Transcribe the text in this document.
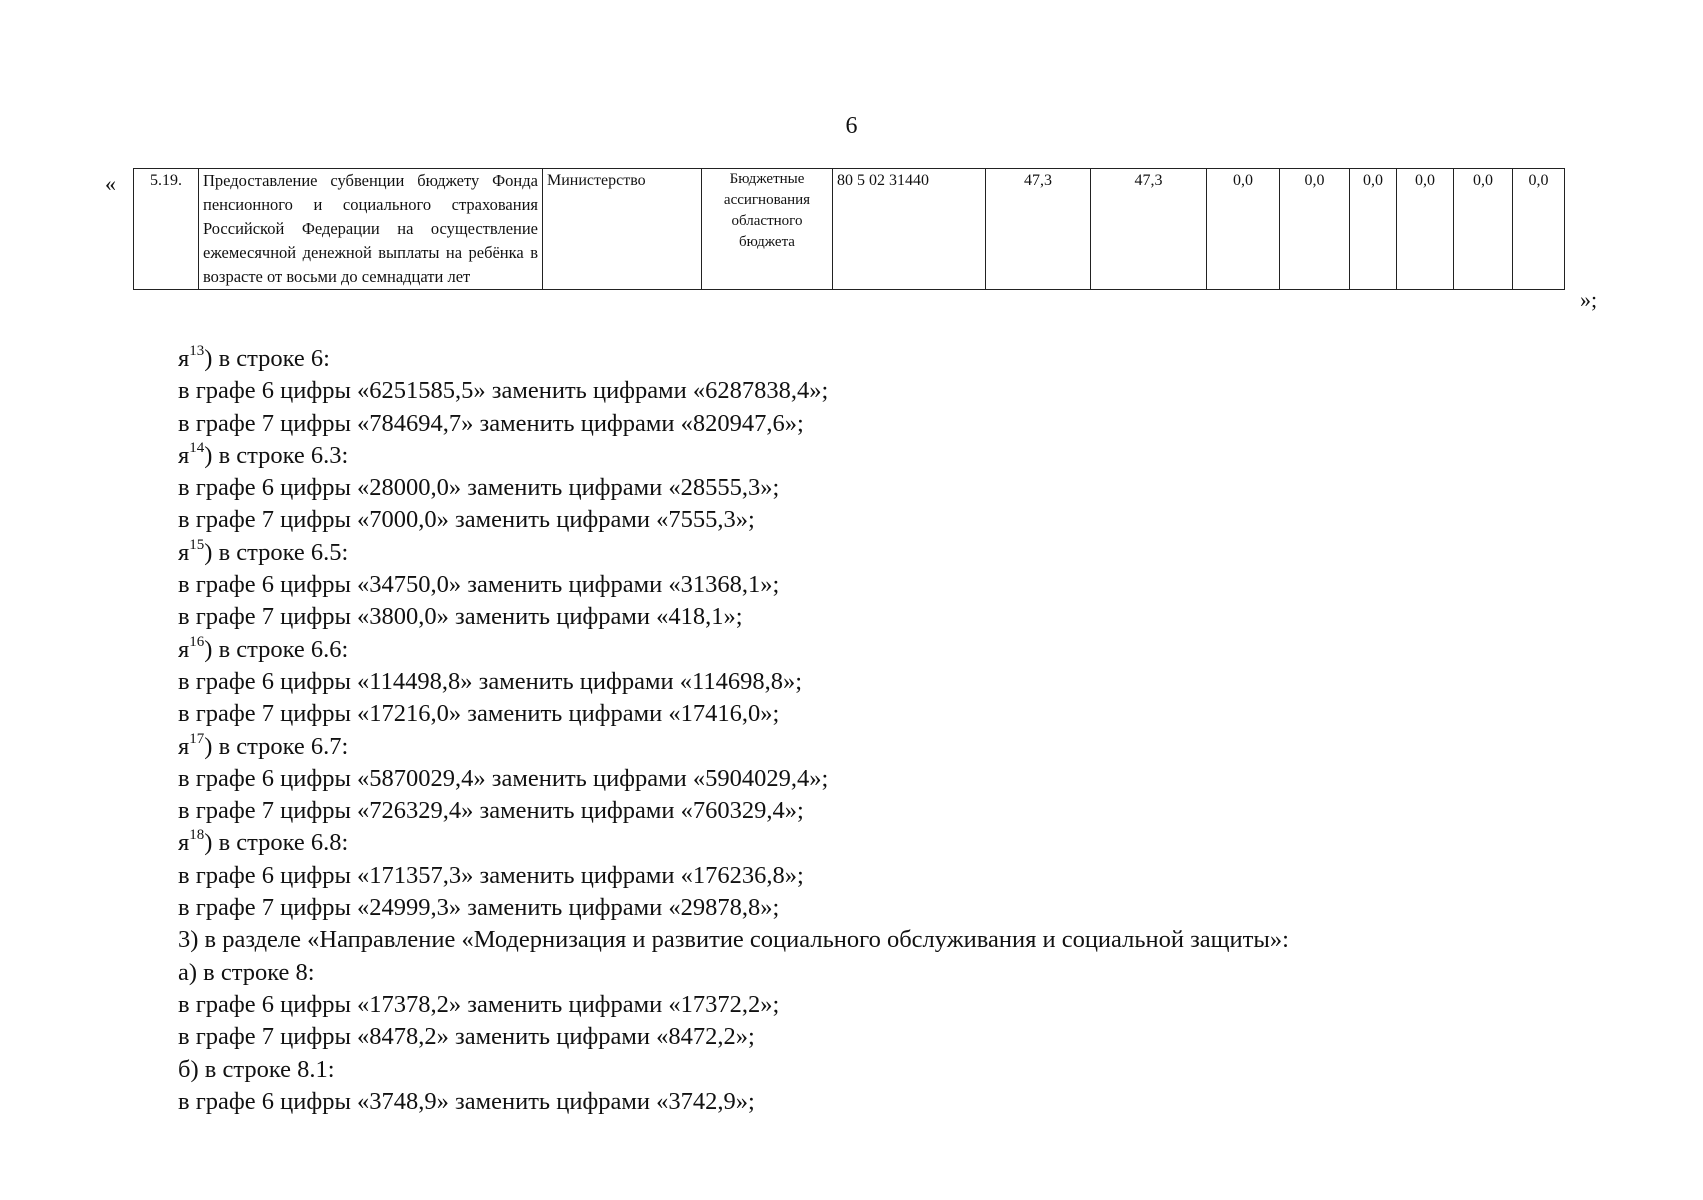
6
« 5.19.	Предоставление субвенции бюджету Фонда пенсионного и социального страхования Российской Федерации на осуществление ежемесячной денежной выплаты на ребёнка в возрасте от восьми до семнадцати лет	Министерство	Бюджетные ассигнования областного бюджета	80 5 02 31440	47,3	47,3	0,0	0,0	0,0	0,0	0,0	0,0
»;
$я^{13}$) в строке 6:
в графе 6 цифры «6251585,5» заменить цифрами «6287838,4»;
в графе 7 цифры «784694,7» заменить цифрами «820947,6»;
$я^{14}$) в строке 6.3:
в графе 6 цифры «28000,0» заменить цифрами «28555,3»;
в графе 7 цифры «7000,0» заменить цифрами «7555,3»;
$я^{15}$) в строке 6.5:
в графе 6 цифры «34750,0» заменить цифрами «31368,1»;
в графе 7 цифры «3800,0» заменить цифрами «418,1»;
$я^{16}$) в строке 6.6:
в графе 6 цифры «114498,8» заменить цифрами «114698,8»;
в графе 7 цифры «17216,0» заменить цифрами «17416,0»;
$я^{17}$) в строке 6.7:
в графе 6 цифры «5870029,4» заменить цифрами «5904029,4»;
в графе 7 цифры «726329,4» заменить цифрами «760329,4»;
$я^{18}$) в строке 6.8:
в графе 6 цифры «171357,3» заменить цифрами «176236,8»;
в графе 7 цифры «24999,3» заменить цифрами «29878,8»;
3) в разделе «Направление «Модернизация и развитие социального обслуживания и социальной защиты»:
а) в строке 8:
в графе 6 цифры «17378,2» заменить цифрами «17372,2»;
в графе 7 цифры «8478,2» заменить цифрами «8472,2»;
б) в строке 8.1:
в графе 6 цифры «3748,9» заменить цифрами «3742,9»;
